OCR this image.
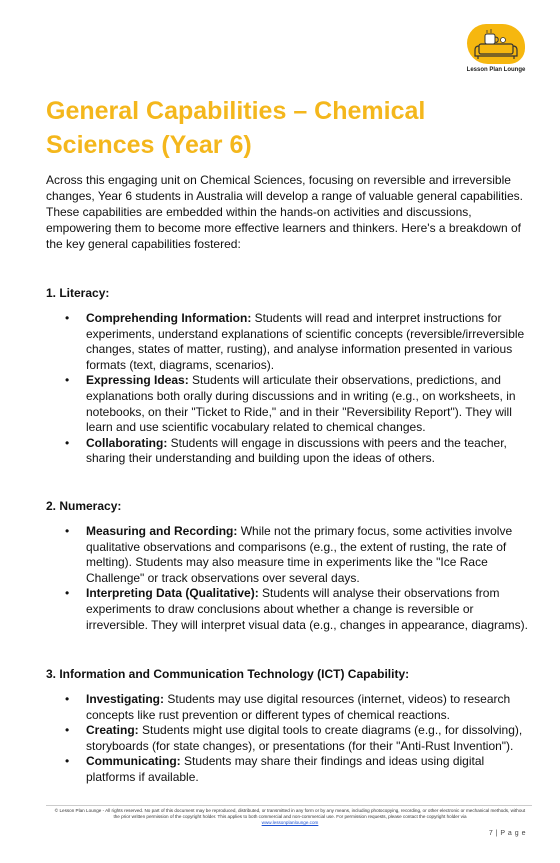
Lesson Plan Lounge
General Capabilities – Chemical Sciences (Year 6)

Across this engaging unit on Chemical Sciences, focusing on reversible and irreversible changes, Year 6 students in Australia will develop a range of valuable general capabilities. These capabilities are embedded within the hands-on activities and discussions, empowering them to become more effective learners and thinkers. Here's a breakdown of the key general capabilities fostered:

1. Literacy:
• Comprehending Information: Students will read and interpret instructions for experiments, understand explanations of scientific concepts (reversible/irreversible changes, states of matter, rusting), and analyse information presented in various formats (text, diagrams, scenarios).
• Expressing Ideas: Students will articulate their observations, predictions, and explanations both orally during discussions and in writing (e.g., on worksheets, in notebooks, on their "Ticket to Ride," and in their "Reversibility Report"). They will learn and use scientific vocabulary related to chemical changes.
• Collaborating: Students will engage in discussions with peers and the teacher, sharing their understanding and building upon the ideas of others.
2. Numeracy:
• Measuring and Recording: While not the primary focus, some activities involve qualitative observations and comparisons (e.g., the extent of rusting, the rate of melting). Students may also measure time in experiments like the "Ice Race Challenge" or track observations over several days.
• Interpreting Data (Qualitative): Students will analyse their observations from experiments to draw conclusions about whether a change is reversible or irreversible. They will interpret visual data (e.g., changes in appearance, diagrams).
3. Information and Communication Technology (ICT) Capability:
• Investigating: Students may use digital resources (internet, videos) to research concepts like rust prevention or different types of chemical reactions.
• Creating: Students might use digital tools to create diagrams (e.g., for dissolving), storyboards (for state changes), or presentations (for their "Anti-Rust Invention").
• Communicating: Students may share their findings and ideas using digital platforms if available.
© Lesson Plan Lounge - All rights reserved. No part of this document may be reproduced, distributed, or transmitted in any form or by any means, including photocopying, recording, or other electronic or mechanical methods, without the prior written permission of the copyright holder. This applies to both commercial and non-commercial use. For permission requests, please contact the copyright holder via
www.lessonplanlounge.com
7 | P a g e
